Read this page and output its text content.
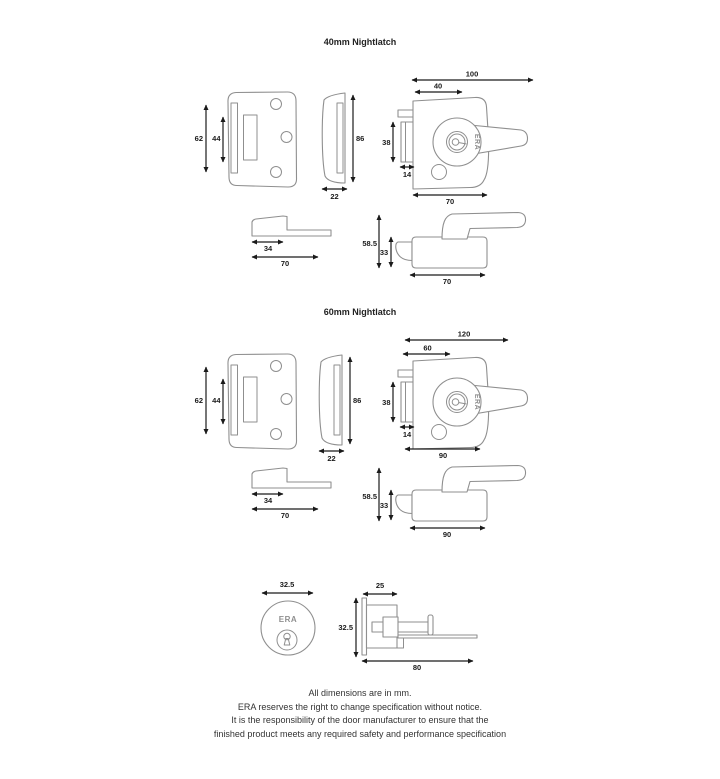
40mm Nightlatch
62 44	86
22
100
40
ERA
38
14
70
34
70
58.5
33
70
60mm Nightlatch
62 44	86
22
120
60
ERA
38
14
90
34
70
58.5
33
90
32.5
ERA
25
32.5
80
All dimensions are in mm.
ERA reserves the right to change specification without notice.
It is the responsibility of the door manufacturer to ensure that the
finished product meets any required safety and performance specification
